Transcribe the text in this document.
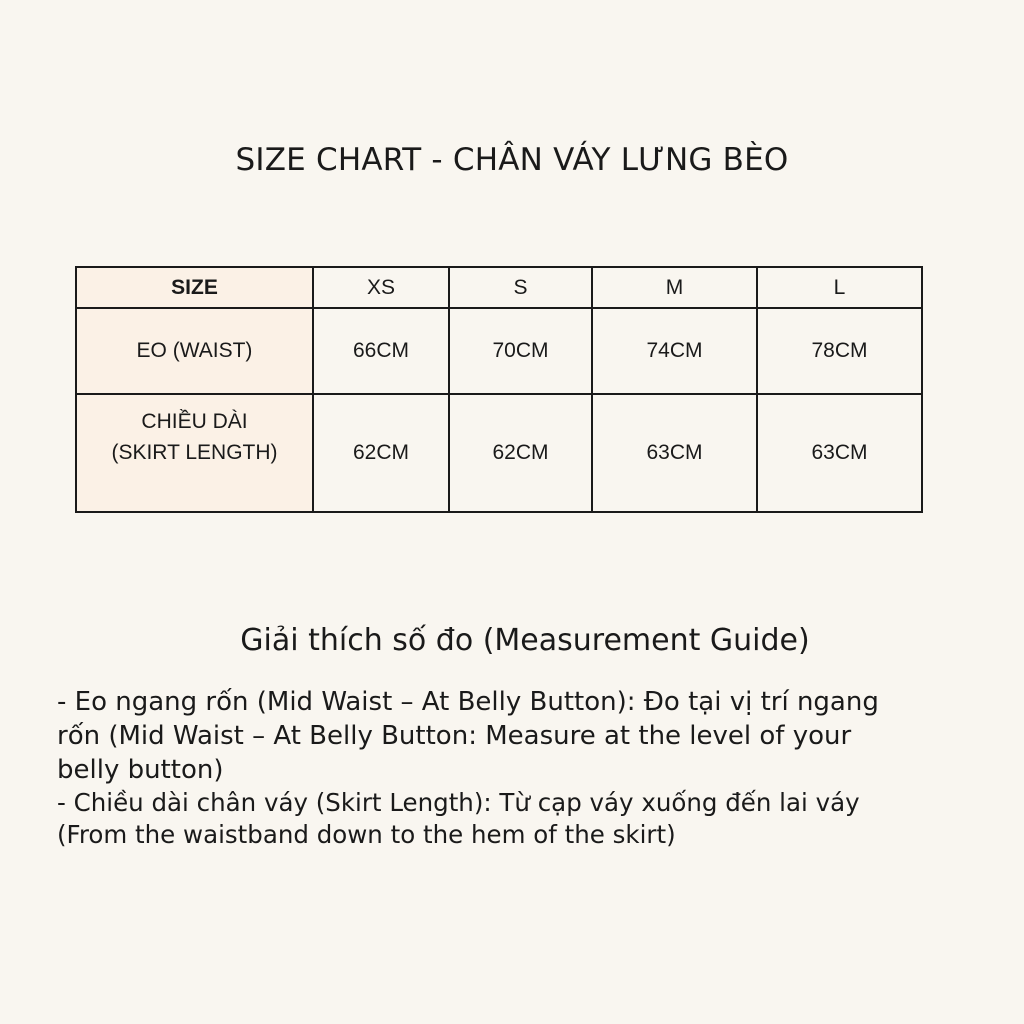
SIZE CHART - CHÂN VÁY LƯNG BÈO
SIZE	XS	S	M	L
EO (WAIST)	66CM	70CM	74CM	78CM

CHIỀU DÀI
(SKIRT LENGTH)	62CM	62CM	63CM	63CM
Giải thích số đo (Measurement Guide)

- Eo ngang rốn (Mid Waist – At Belly Button): Đo tại vị trí ngang

rốn (Mid Waist – At Belly Button: Measure at the level of your

belly button)

- Chiều dài chân váy (Skirt Length): Từ cạp váy xuống đến lai váy

(From the waistband down to the hem of the skirt)
